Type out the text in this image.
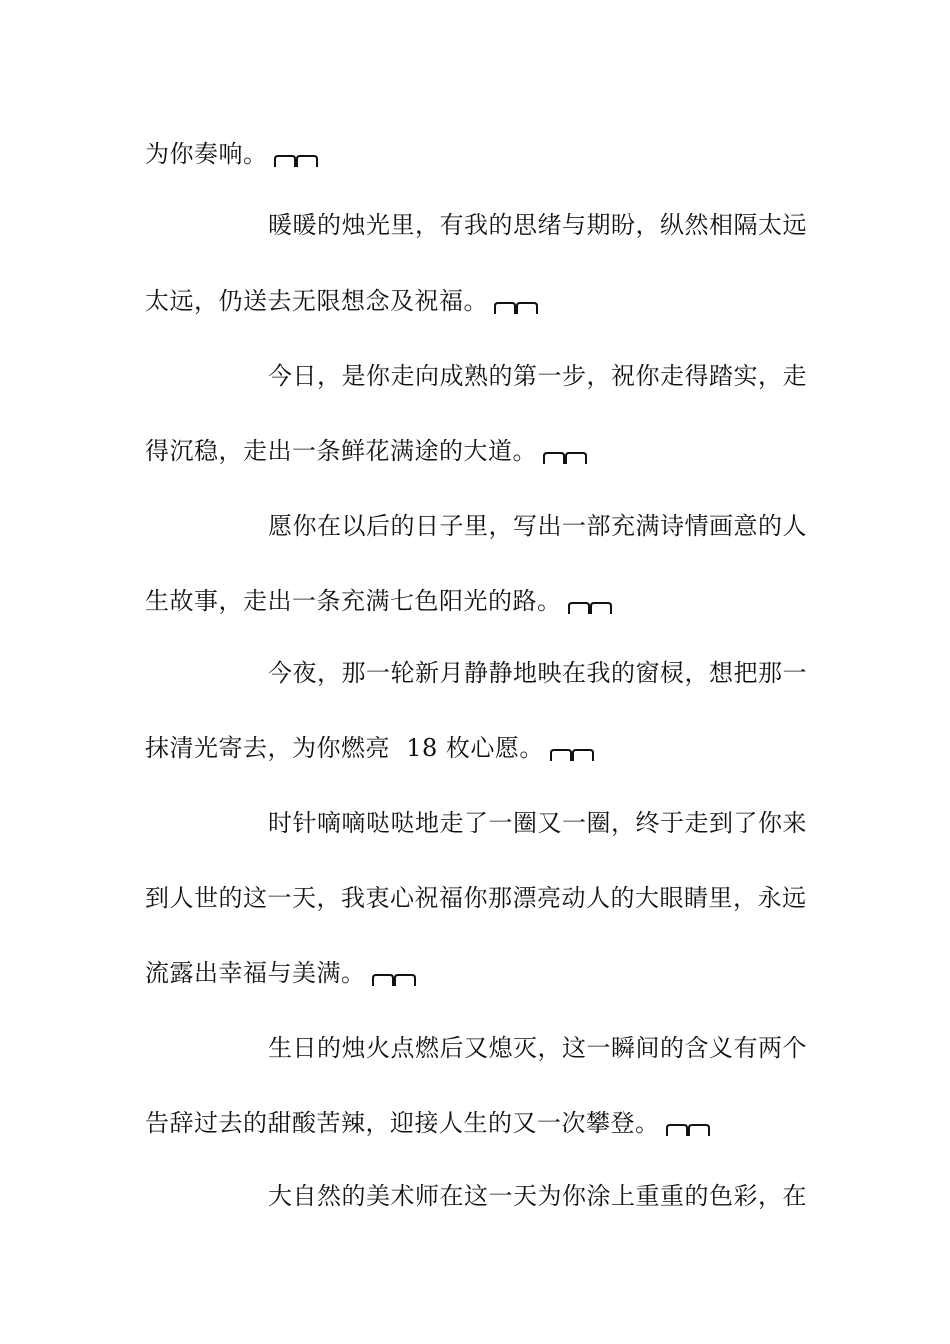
为你奏响。
暖暖的烛光里，有我的思绪与期盼，纵然相隔太远
太远，仍送去无限想念及祝福。
今日，是你走向成熟的第一步，祝你走得踏实，走
得沉稳，走出一条鲜花满途的大道。
愿你在以后的日子里，写出一部充满诗情画意的人
生故事，走出一条充满七色阳光的路。
今夜，那一轮新月静静地映在我的窗棂，想把那一
抹清光寄去，为你燃亮  18 枚心愿。
时针嘀嘀哒哒地走了一圈又一圈，终于走到了你来
到人世的这一天，我衷心祝福你那漂亮动人的大眼睛里，永远
流露出幸福与美满。
生日的烛火点燃后又熄灭，这一瞬间的含义有两个
告辞过去的甜酸苦辣，迎接人生的又一次攀登。
大自然的美术师在这一天为你涂上重重的色彩，在
